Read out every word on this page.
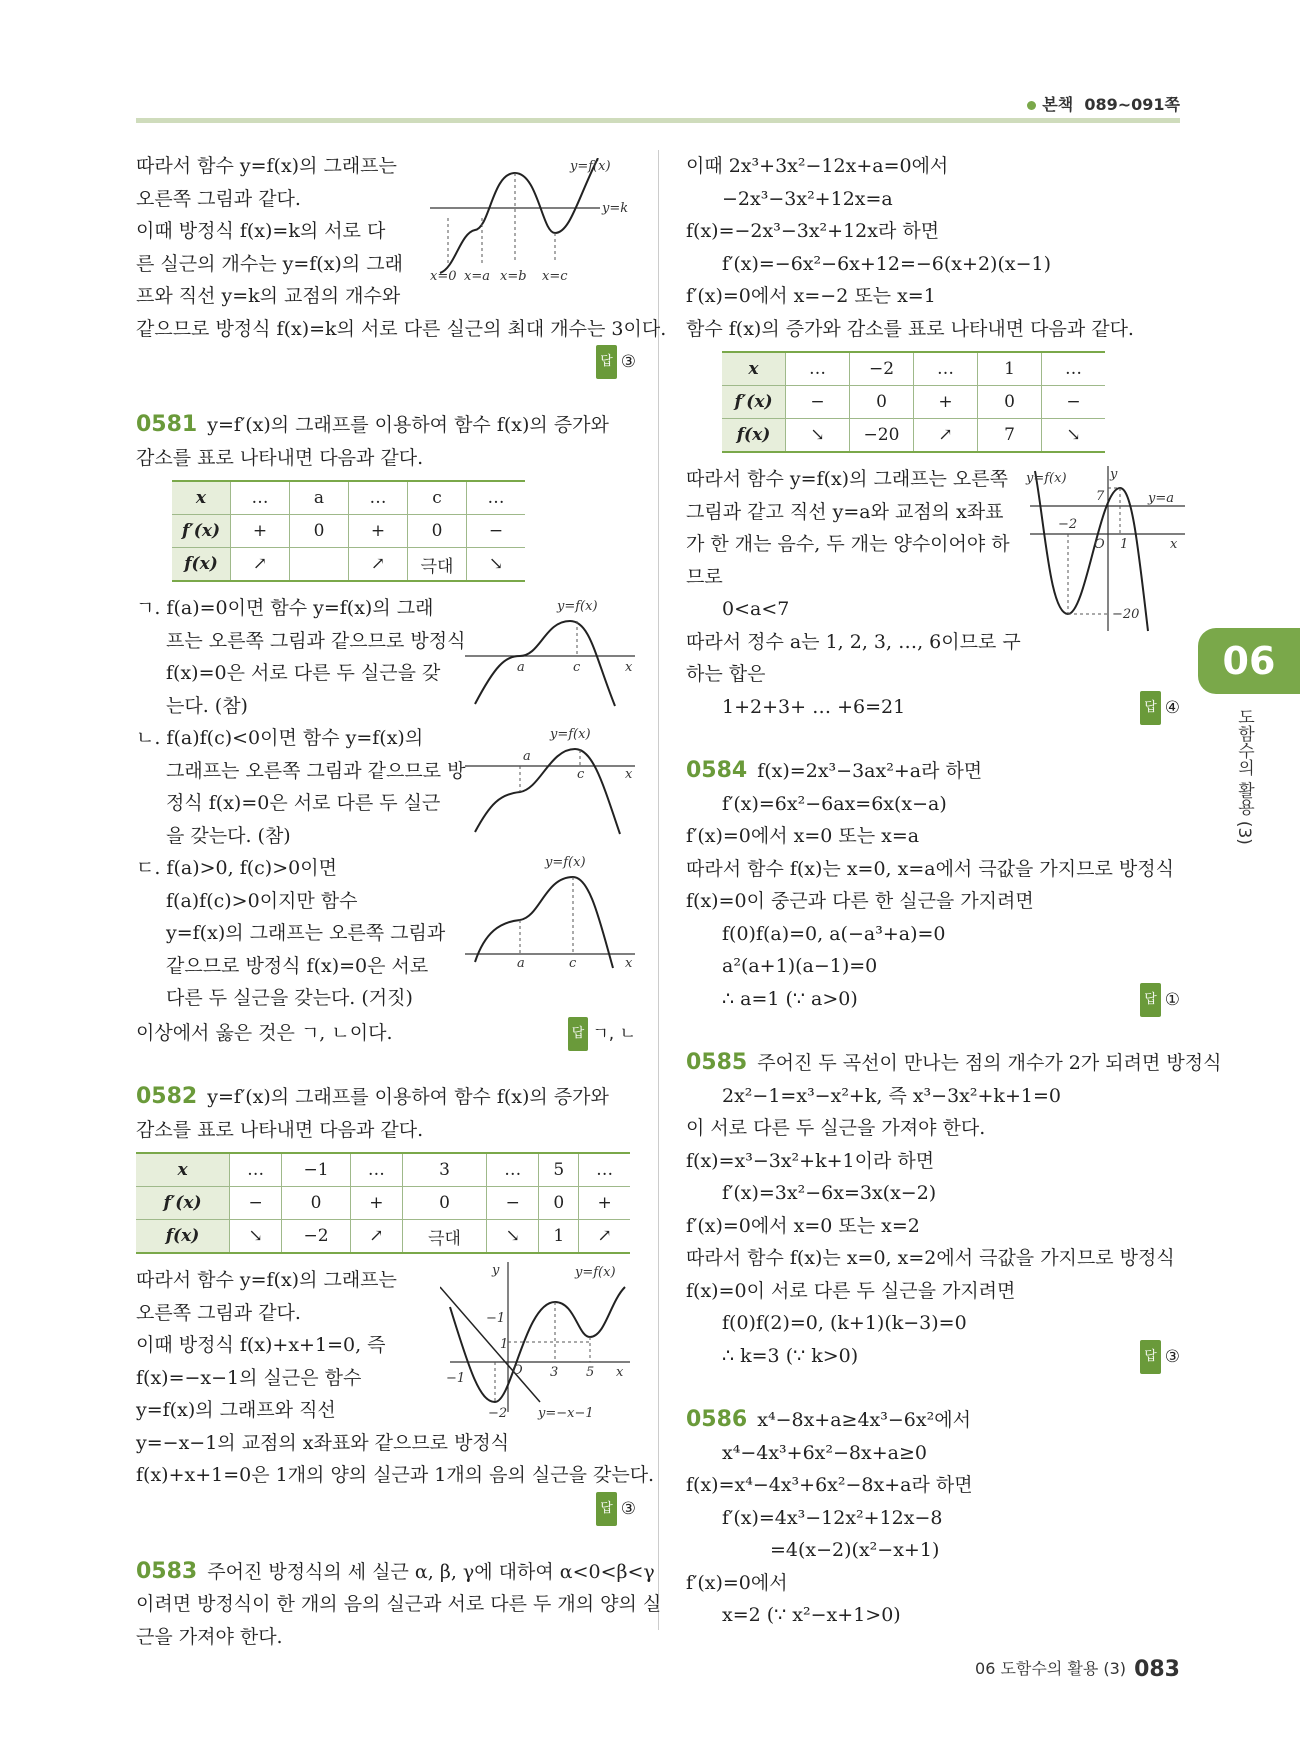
본책 089~091쪽
따라서 함수 y=f(x)의 그래프는
오른쪽 그림과 같다.
이때 방정식 f(x)=k의 서로 다
른 실근의 개수는 y=f(x)의 그래
프와 직선 y=k의 교점의 개수와
같으므로 방정식 f(x)=k의 서로 다른 실근의 최대 개수는 3이다.
답 ③
0581 y=f′(x)의 그래프를 이용하여 함수 f(x)의 증가와
감소를 표로 나타내면 다음과 같다.
x	…	a	…	c	…
f′(x)	+	0	+	0	−
f(x)	↗		↗	극대	↘
ㄱ. f(a)=0이면 함수 y=f(x)의 그래
프는 오른쪽 그림과 같으므로 방정식
f(x)=0은 서로 다른 두 실근을 갖
는다. (참)
ㄴ. f(a)f(c)<0이면 함수 y=f(x)의
그래프는 오른쪽 그림과 같으므로 방
정식 f(x)=0은 서로 다른 두 실근
을 갖는다. (참)
ㄷ. f(a)>0, f(c)>0이면
f(a)f(c)>0이지만 함수
y=f(x)의 그래프는 오른쪽 그림과
같으므로 방정식 f(x)=0은 서로
다른 두 실근을 갖는다. (거짓)
이상에서 옳은 것은 ㄱ, ㄴ이다.	답 ㄱ, ㄴ
0582 y=f′(x)의 그래프를 이용하여 함수 f(x)의 증가와
감소를 표로 나타내면 다음과 같다.
x	…	−1	…	3	…	5	…
f′(x)	−	0	+	0	−	0	+
f(x)	↘	−2	↗	극대	↘	1	↗
따라서 함수 y=f(x)의 그래프는
오른쪽 그림과 같다.
이때 방정식 f(x)+x+1=0, 즉
f(x)=−x−1의 실근은 함수
y=f(x)의 그래프와 직선
y=−x−1의 교점의 x좌표와 같으므로 방정식
f(x)+x+1=0은 1개의 양의 실근과 1개의 음의 실근을 갖는다.
답 ③
0583 주어진 방정식의 세 실근 α, β, γ에 대하여 α<0<β<γ
이려면 방정식이 한 개의 음의 실근과 서로 다른 두 개의 양의 실
근을 가져야 한다.
y=f(x)
y=k
x=0 x=a x=b x=c
y=f(x)
a	c	x
y=f(x)
a
c	x
y=f(x)
a	c	x
y	y=f(x)
−1
1
O 3 5 x
−1
−2 y=−x−1
이때 2x³+3x²−12x+a=0에서
−2x³−3x²+12x=a
f(x)=−2x³−3x²+12x라 하면
f′(x)=−6x²−6x+12=−6(x+2)(x−1)
f′(x)=0에서 x=−2 또는 x=1
함수 f(x)의 증가와 감소를 표로 나타내면 다음과 같다.
x	…	−2	…	1	…
f′(x)	−	0	+	0	−
f(x)	↘	−20	↗	7	↘
따라서 함수 y=f(x)의 그래프는 오른쪽
그림과 같고 직선 y=a와 교점의 x좌표
가 한 개는 음수, 두 개는 양수이어야 하
므로
0<a<7
따라서 정수 a는 1, 2, 3, …, 6이므로 구
하는 합은
1+2+3+ … +6=21	답 ④
0584 f(x)=2x³−3ax²+a라 하면
f′(x)=6x²−6ax=6x(x−a)
f′(x)=0에서 x=0 또는 x=a
따라서 함수 f(x)는 x=0, x=a에서 극값을 가지므로 방정식
f(x)=0이 중근과 다른 한 실근을 가지려면
f(0)f(a)=0, a(−a³+a)=0
a²(a+1)(a−1)=0
∴ a=1 (∵ a>0)	답 ①
0585 주어진 두 곡선이 만나는 점의 개수가 2가 되려면 방정식
2x²−1=x³−x²+k, 즉 x³−3x²+k+1=0
이 서로 다른 두 실근을 가져야 한다.
f(x)=x³−3x²+k+1이라 하면
f′(x)=3x²−6x=3x(x−2)
f′(x)=0에서 x=0 또는 x=2
따라서 함수 f(x)는 x=0, x=2에서 극값을 가지므로 방정식
f(x)=0이 서로 다른 두 실근을 가지려면
f(0)f(2)=0, (k+1)(k−3)=0
∴ k=3 (∵ k>0)	답 ③
0586 x⁴−8x+a≥4x³−6x²에서
x⁴−4x³+6x²−8x+a≥0
f(x)=x⁴−4x³+6x²−8x+a라 하면
f′(x)=4x³−12x²+12x−8
=4(x−2)(x²−x+1)
f′(x)=0에서
x=2 (∵ x²−x+1>0)
y=f(x)	y
7	y=a
−2
O 1	x
−20
06
도함수의 활용 (3)
06 도함수의 활용 (3) 083
